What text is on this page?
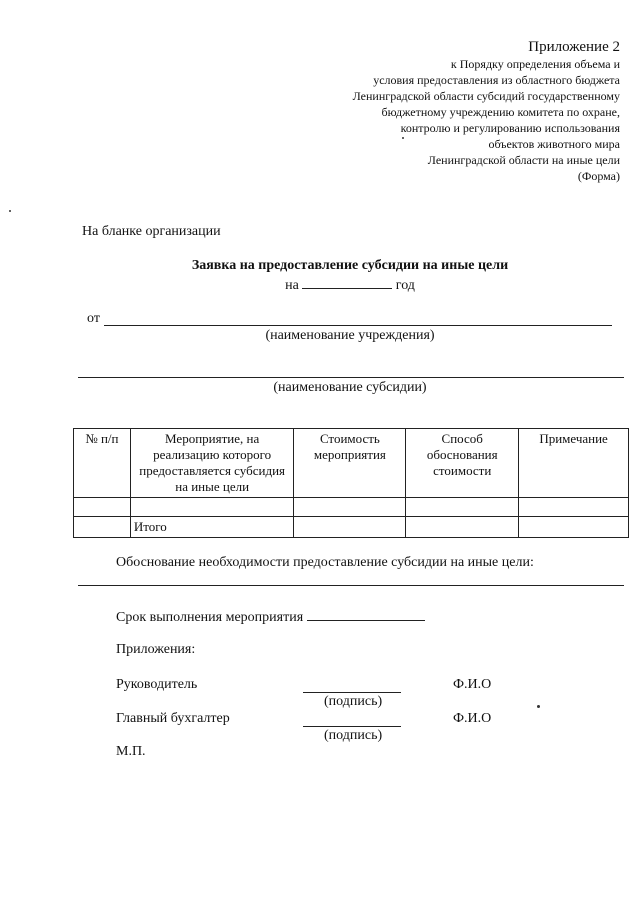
Приложение 2
к Порядку определения объема и
условия предоставления из областного бюджета
Ленинградской области субсидий государственному
бюджетному учреждению комитета по охране,
контролю и регулированию использования
объектов животного мира
Ленинградской области на иные цели
(Форма)
На бланке организации
Заявка на предоставление субсидии на иные цели
на	год
от
(наименование учреждения)
(наименование субсидии)
№ п/п	Мероприятие, на реализацию которого предоставляется субсидия на иные цели	Стоимость мероприятия	Способ обоснования стоимости	Примечание

	Итого			
Обоснование необходимости предоставление субсидии на иные цели:
Срок выполнения мероприятия
Приложения:
Руководитель	Ф.И.О
(подпись)
Главный бухгалтер	Ф.И.О
(подпись)
М.П.
